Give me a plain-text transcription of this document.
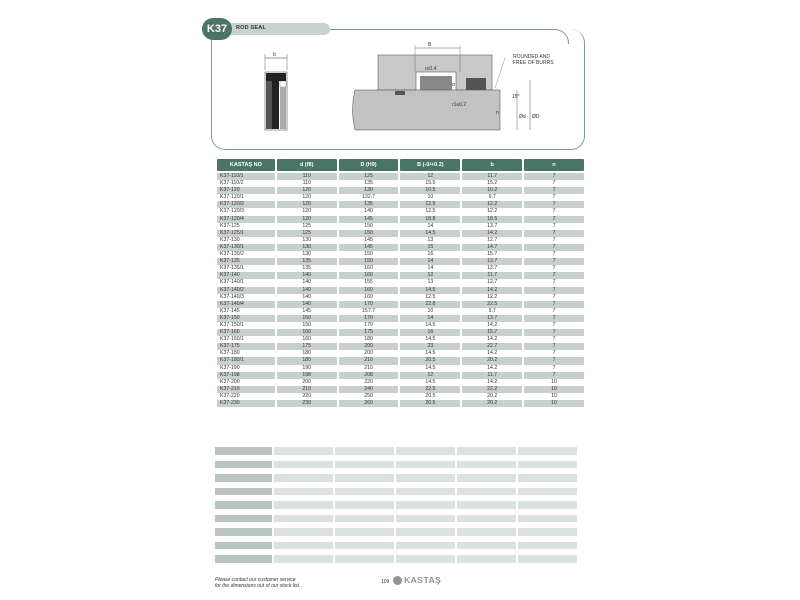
K37	ROD SEAL
b
B
r≤0.4
α
r1≤0.2
ROUNDED AND
FREE OF BURRS
15°
n
Ød ØD
KASTAŞ NO	d (f8)	D (H9)	B (-0/+0.2)	b	n
K37-110/1	110	125	12	11.7	7
K37-110/2	110	135	15.5	15.2	7
K37-120	120	130	10.5	10.2	7
K37-120/1	120	132.7	10	9.7	7
K37-120/2	120	135	12.5	12.2	7
K37-120/3	120	140	12.5	12.2	7
K37-120/4	120	145	18.8	18.5	7
K37-125	125	150	14	13.7	7
K37-125/1	125	150	14.5	14.2	7
K37-130	130	145	13	12.7	7
K37-130/1	130	145	15	14.7	7
K37-130/2	130	150	16	15.7	7
K37-135	135	150	14	13.7	7
K37-135/1	135	160	14	13.7	7
K37-140	140	160	12	11.7	7
K37-140/1	140	155	13	12.7	7
K37-140/2	140	160	14.5	14.2	7
K37-140/3	140	160	12.5	12.2	7
K37-140/4	140	170	22.8	22.5	7
K37-145	145	157.7	10	9.7	7
K37-150	150	170	14	13.7	7
K37-150/1	150	170	14.5	14.2	7
K37-160	160	175	16	15.7	7
K37-160/1	160	180	14.5	14.2	7
K37-175	175	200	23	22.7	7
K37-180	180	200	14.5	14.2	7
K37-180/1	180	210	20.5	20.2	7
K37-190	190	210	14.5	14.2	7
K37-198	198	208	12	11.7	7
K37-200	200	220	14.5	14.2	10
K37-210	210	240	22.5	22.2	10
K37-220	220	250	20.5	20.2	10
K37-230	230	260	20.5	20.2	10
Please contact our customer service
for the dimensions out of our stock list.
109 KASTAŞ
